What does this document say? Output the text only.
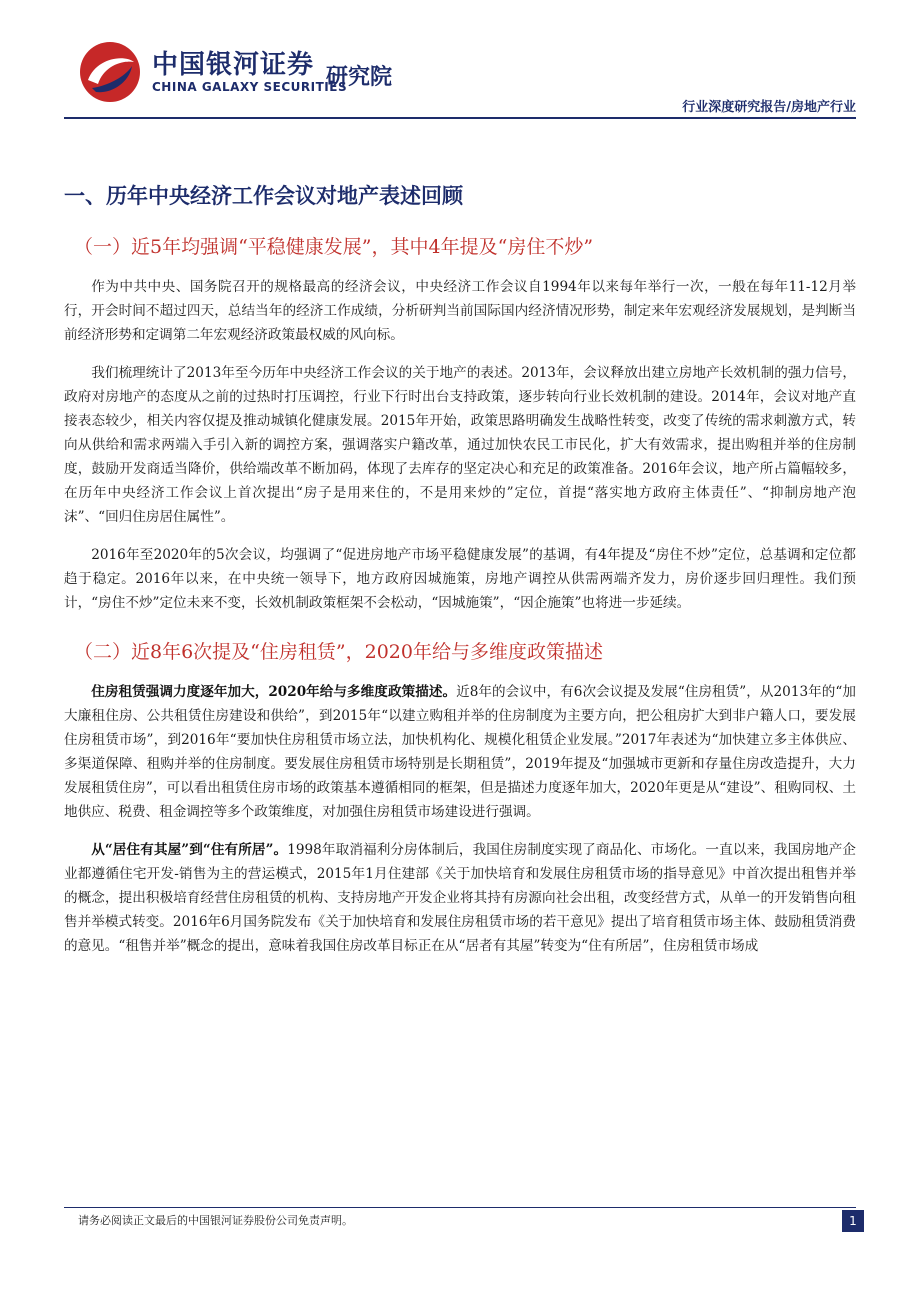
中国银河证券
CHINA GALAXY SECURITIES
研究院
行业深度研究报告/房地产行业
一、历年中央经济工作会议对地产表述回顾
（一）近5年均强调“平稳健康发展”，其中4年提及“房住不炒”

作为中共中央、国务院召开的规格最高的经济会议，中央经济工作会议自1994年以来每年举行一次，一般在每年11-12月举行，开会时间不超过四天，总结当年的经济工作成绩，分析研判当前国际国内经济情况形势，制定来年宏观经济发展规划，是判断当前经济形势和定调第二年宏观经济政策最权威的风向标。

我们梳理统计了2013年至今历年中央经济工作会议的关于地产的表述。2013年，会议释放出建立房地产长效机制的强力信号，政府对房地产的态度从之前的过热时打压调控，行业下行时出台支持政策，逐步转向行业长效机制的建设。2014年，会议对地产直接表态较少，相关内容仅提及推动城镇化健康发展。2015年开始，政策思路明确发生战略性转变，改变了传统的需求刺激方式，转向从供给和需求两端入手引入新的调控方案，强调落实户籍改革，通过加快农民工市民化，扩大有效需求，提出购租并举的住房制度，鼓励开发商适当降价，供给端改革不断加码，体现了去库存的坚定决心和充足的政策准备。2016年会议，地产所占篇幅较多，在历年中央经济工作会议上首次提出“房子是用来住的，不是用来炒的”定位，首提“落实地方政府主体责任”、“抑制房地产泡沫”、“回归住房居住属性”。

2016年至2020年的5次会议，均强调了“促进房地产市场平稳健康发展”的基调，有4年提及“房住不炒”定位，总基调和定位都趋于稳定。2016年以来，在中央统一领导下，地方政府因城施策，房地产调控从供需两端齐发力，房价逐步回归理性。我们预计，“房住不炒”定位未来不变，长效机制政策框架不会松动，“因城施策”，“因企施策”也将进一步延续。

（二）近8年6次提及“住房租赁”，2020年给与多维度政策描述

住房租赁强调力度逐年加大，2020年给与多维度政策描述。近8年的会议中，有6次会议提及发展“住房租赁”，从2013年的“加大廉租住房、公共租赁住房建设和供给”，到2015年“以建立购租并举的住房制度为主要方向，把公租房扩大到非户籍人口，要发展住房租赁市场”，到2016年“要加快住房租赁市场立法，加快机构化、规模化租赁企业发展。”2017年表述为“加快建立多主体供应、多渠道保障、租购并举的住房制度。要发展住房租赁市场特别是长期租赁”，2019年提及“加强城市更新和存量住房改造提升，大力发展租赁住房”，可以看出租赁住房市场的政策基本遵循相同的框架，但是描述力度逐年加大，2020年更是从“建设”、租购同权、土地供应、税费、租金调控等多个政策维度，对加强住房租赁市场建设进行强调。

从“居住有其屋”到“住有所居”。1998年取消福利分房体制后，我国住房制度实现了商品化、市场化。一直以来，我国房地产企业都遵循住宅开发-销售为主的营运模式，2015年1月住建部《关于加快培育和发展住房租赁市场的指导意见》中首次提出租售并举的概念，提出积极培育经营住房租赁的机构、支持房地产开发企业将其持有房源向社会出租，改变经营方式，从单一的开发销售向租售并举模式转变。2016年6月国务院发布《关于加快培育和发展住房租赁市场的若干意见》提出了培育租赁市场主体、鼓励租赁消费的意见。“租售并举”概念的提出，意味着我国住房改革目标正在从“居者有其屋”转变为“住有所居”，住房租赁市场成

请务必阅读正文最后的中国银河证券股份公司免责声明。	1
